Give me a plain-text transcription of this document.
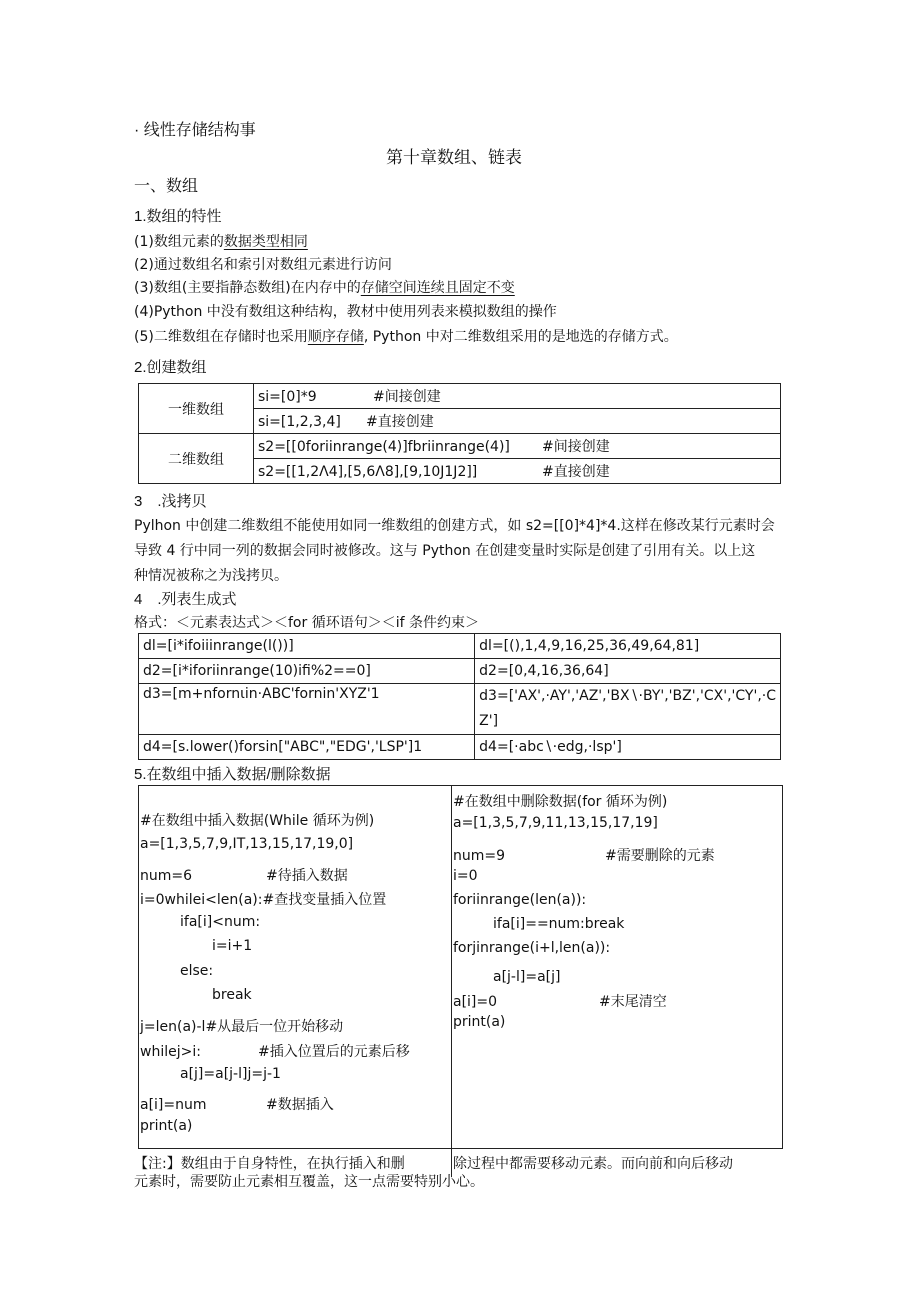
· 线性存储结构事
第十章数组、链表
一、数组
1.数组的特性
(1)数组元素的数据类型相同
(2)通过数组名和索引对数组元素进行访问
(3)数组(主要指静态数组)在内存中的存储空间连续且固定不变
(4)Python 中没有数组这种结构，教材中使用列表来模拟数组的操作
(5)二维数组在存储时也采用顺序存储, Python 中对二维数组采用的是地选的存储方式。
2.创建数组
一维数组	si=[0]*9 #间接创建
	si=[1,2,3,4] #直接创建
二维数组	s2=[[0foriinrange(4)]fbriinrange(4)] #间接创建
	s2=[[1,2Λ4],[5,6Λ8],[9,10J1J2]] #直接创建
3　.浅拷贝
Pylhon 中创建二维数组不能使用如同一维数组的创建方式，如 s2=[[0]*4]*4.这样在修改某行元素时会
导致 4 行中同一列的数据会同时被修改。这与 Python 在创建变量时实际是创建了引用有关。以上这
种情况被称之为浅拷贝。
4　.列表生成式
格式：＜元素表达式＞＜for 循环语句＞＜if 条件约束＞
dl=[i*ifoiiinrange(l())]	dl=[(),1,4,9,16,25,36,49,64,81]
d2=[i*iforiinrange(10)ifi%2==0]	d2=[0,4,16,36,64]
d3=[m+nfornιin·ABC'fornin'XYZ'1	d3=['AX',·AY','AZ','BX∖·BY','BZ','CX','CY',·C
Z']

d4=[s.lower()forsin["ABC","EDG','LSP']1	d4=[·abc∖·edg,·lsp']
5.在数组中插入数据/删除数据
#在数组中插入数据(While 循环为例)
a=[1,3,5,7,9,IT,13,15,17,19,0]
num=6	#待插入数据
i=0whilei<len(a):#查找变量插入位置
ifa[i]<num:
i=i+1
else:
break
j=len(a)-l#从最后一位开始移动
whilej>i:	#插入位置后的元素后移
a[j]=a[j-l]j=j-1
a[i]=num	#数据插入
print(a)
#在数组中删除数据(for 循环为例)
a=[1,3,5,7,9,11,13,15,17,19]
num=9	#需要删除的元素
i=0
foriinrange(len(a)):
ifa[i]==num:break
forjinrange(i+l,len(a)):
a[j-l]=a[j]
a[i]=0	#末尾清空
print(a)
【注:】数组由于自身特性，在执行插入和删	除过程中都需要移动元素。而向前和向后移动
元素时，需要防止元素相互覆盖，这一点需要特别小心。
